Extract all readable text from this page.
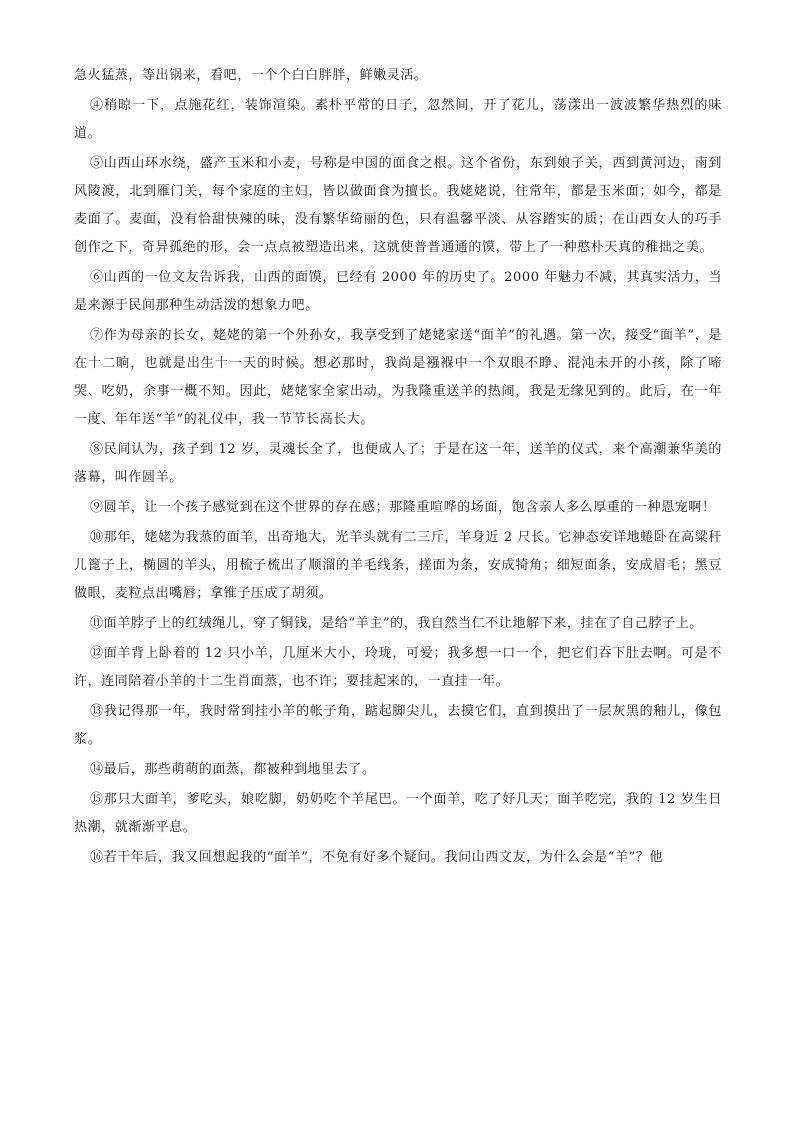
急火猛蒸，等出锅来，看吧，一个个白白胖胖，鲜嫩灵活。

④稍晾一下，点施花红，装饰渲染。素朴平常的日子，忽然间，开了花儿，荡漾出一波波繁华热烈的味道。

⑤山西山环水绕，盛产玉米和小麦，号称是中国的面食之根。这个省份，东到娘子关，西到黄河边，南到风陵渡，北到雁门关，每个家庭的主妇，皆以做面食为擅长。我姥姥说，往常年，都是玉米面；如今，都是麦面了。麦面，没有恰甜快辣的味，没有繁华绮丽的色，只有温馨平淡、从容踏实的质；在山西女人的巧手创作之下，奇异孤绝的形，会一点点被塑造出来，这就使普普通通的馍，带上了一种憨朴天真的稚拙之美。

⑥山西的一位文友告诉我，山西的面馍，已经有 2000 年的历史了。2000 年魅力不减，其真实活力，当是来源于民间那种生动活泼的想象力吧。

⑦作为母亲的长女，姥姥的第一个外孙女，我享受到了姥姥家送“面羊”的礼遇。第一次，接受“面羊”，是在十二晌，也就是出生十一天的时候。想必那时，我尚是襁褓中一个双眼不睁、混沌未开的小孩，除了啼哭、吃奶，余事一概不知。因此，姥姥家全家出动，为我隆重送羊的热闹，我是无缘见到的。此后，在一年一度、年年送“羊”的礼仪中，我一节节长高长大。

⑧民间认为，孩子到 12 岁，灵魂长全了，也便成人了；于是在这一年，送羊的仪式，来个高潮兼华美的落幕，叫作圆羊。

⑨圆羊，让一个孩子感觉到在这个世界的存在感；那隆重喧哗的场面，饱含亲人多么厚重的一种恩宠啊！

⑩那年，姥姥为我蒸的面羊，出奇地大，光羊头就有二三斤，羊身近 2 尺长。它神态安详地蜷卧在高粱秆儿篦子上，椭圆的羊头，用梳子梳出了顺溜的羊毛线条，搓面为条，安成犄角；细短面条，安成眉毛；黑豆做眼，麦粒点出嘴唇；拿锥子压成了胡须。

⑪面羊脖子上的红绒绳儿，穿了铜钱，是给“羊主”的，我自然当仁不让地解下来，挂在了自己脖子上。

⑫面羊背上卧着的 12 只小羊，几厘米大小，玲珑，可爱；我多想一口一个，把它们吞下肚去啊。可是不许，连同陪着小羊的十二生肖面蒸，也不许；要挂起来的，一直挂一年。

⑬我记得那一年，我时常到挂小羊的帐子角，踮起脚尖儿，去摸它们，直到摸出了一层灰黑的釉儿，像包浆。

⑭最后，那些萌萌的面蒸，都被种到地里去了。

⑮那只大面羊，爹吃头，娘吃脚，奶奶吃个羊尾巴。一个面羊，吃了好几天；面羊吃完，我的 12 岁生日热潮，就渐渐平息。

⑯若干年后，我又回想起我的“面羊”，不免有好多个疑问。我问山西文友，为什么会是“羊”？他
